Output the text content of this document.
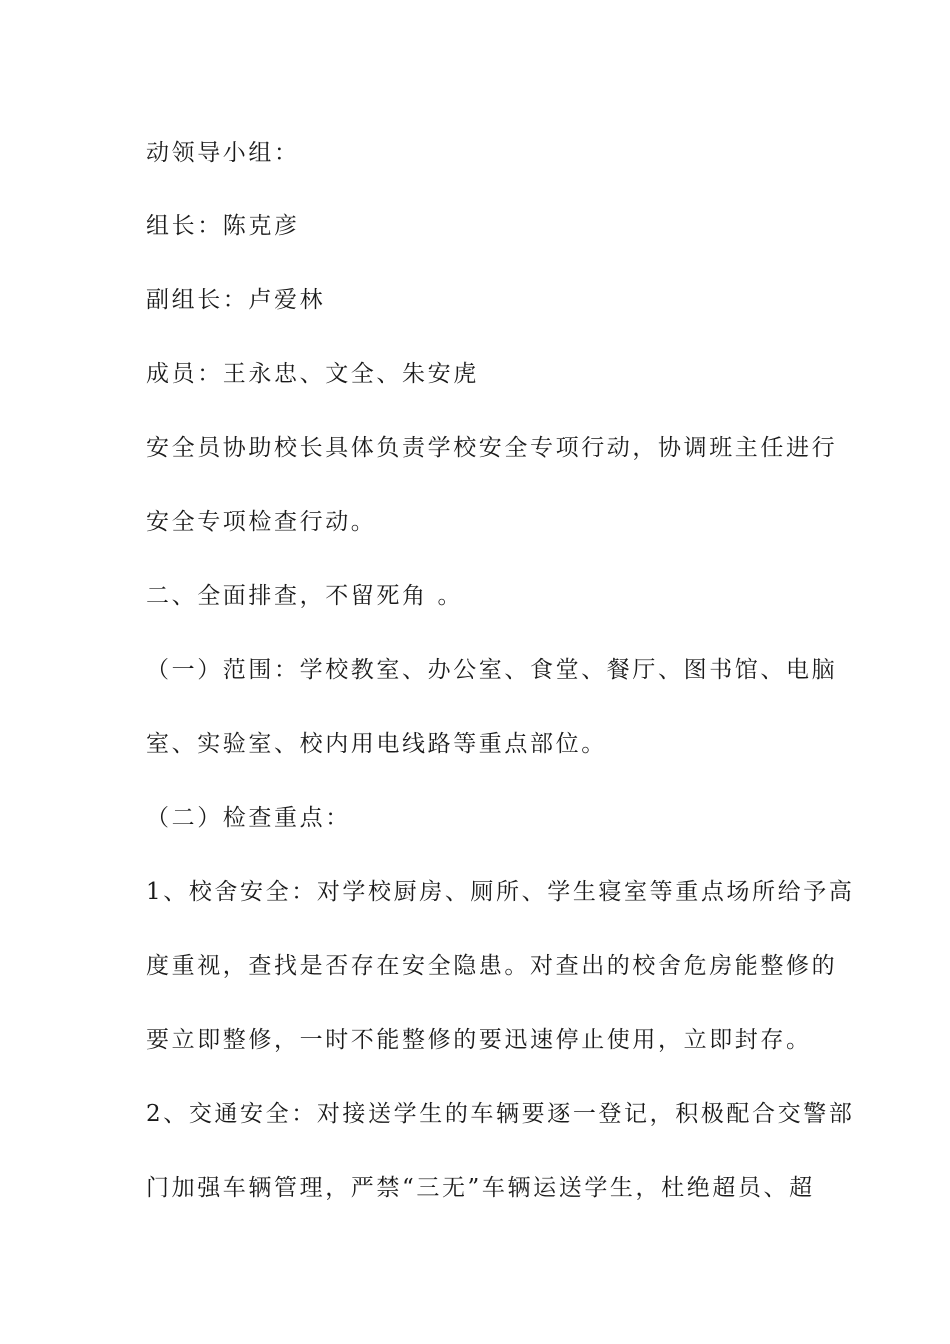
动领导小组：
组长：陈克彦
副组长：卢爱林
成员：王永忠、文全、朱安虎
安全员协助校长具体负责学校安全专项行动，协调班主任进行
安全专项检查行动。
二、全面排查，不留死角 。
（一）范围：学校教室、办公室、食堂、餐厅、图书馆、电脑
室、实验室、校内用电线路等重点部位。
（二）检查重点：
1、校舍安全：对学校厨房、厕所、学生寝室等重点场所给予高
度重视，查找是否存在安全隐患。对查出的校舍危房能整修的
要立即整修，一时不能整修的要迅速停止使用，立即封存。
2、交通安全：对接送学生的车辆要逐一登记，积极配合交警部
门加强车辆管理，严禁“三无”车辆运送学生，杜绝超员、超
